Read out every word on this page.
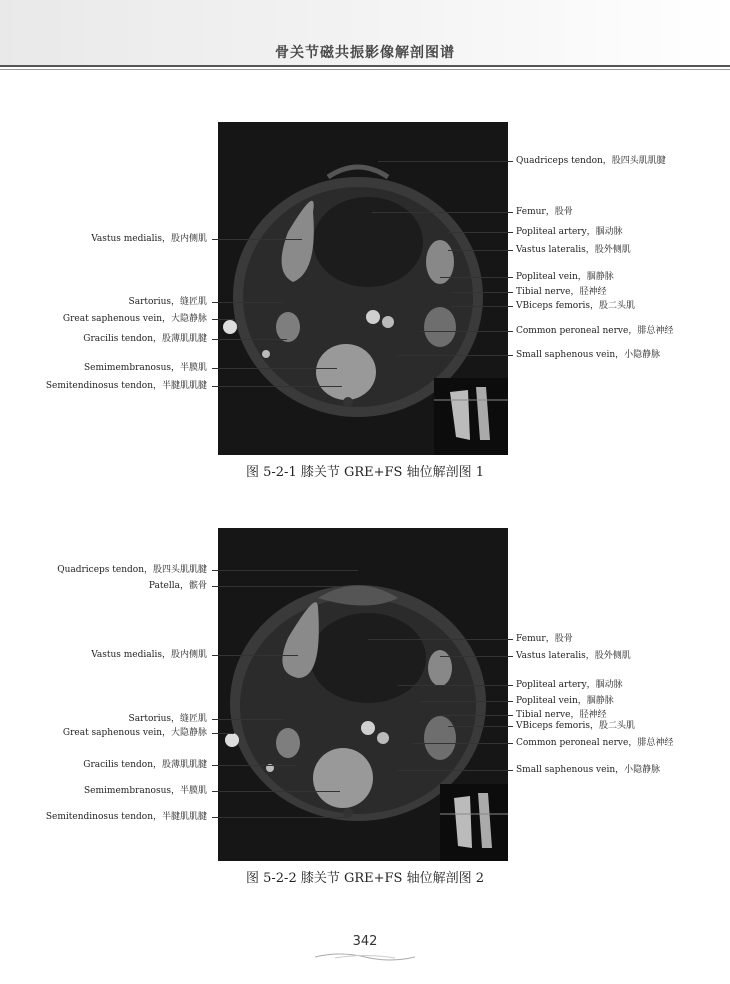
骨关节磁共振影像解剖图谱
Vastus medialis，股内侧肌
Sartorius，缝匠肌
Great saphenous vein，大隐静脉
Gracilis tendon，股薄肌肌腱
Semimembranosus，半膜肌
Semitendinosus tendon，半腱肌肌腱
Quadriceps tendon，股四头肌肌腱
Femur，股骨
Popliteal artery，腘动脉
Vastus lateralis，股外侧肌
Popliteal vein，腘静脉
Tibial nerve，胫神经
VBiceps femoris，股二头肌
Common peroneal nerve，腓总神经
Small saphenous vein，小隐静脉
图 5-2-1 膝关节 GRE+FS 轴位解剖图 1
Quadriceps tendon，股四头肌肌腱
Patella，髌骨
Vastus medialis，股内侧肌
Sartorius，缝匠肌
Great saphenous vein，大隐静脉
Gracilis tendon，股薄肌肌腱
Semimembranosus，半膜肌
Semitendinosus tendon，半腱肌肌腱
Femur，股骨
Vastus lateralis，股外侧肌
Popliteal artery，腘动脉
Popliteal vein，腘静脉
Tibial nerve，胫神经
VBiceps femoris，股二头肌
Common peroneal nerve，腓总神经
Small saphenous vein，小隐静脉
图 5-2-2 膝关节 GRE+FS 轴位解剖图 2
342
